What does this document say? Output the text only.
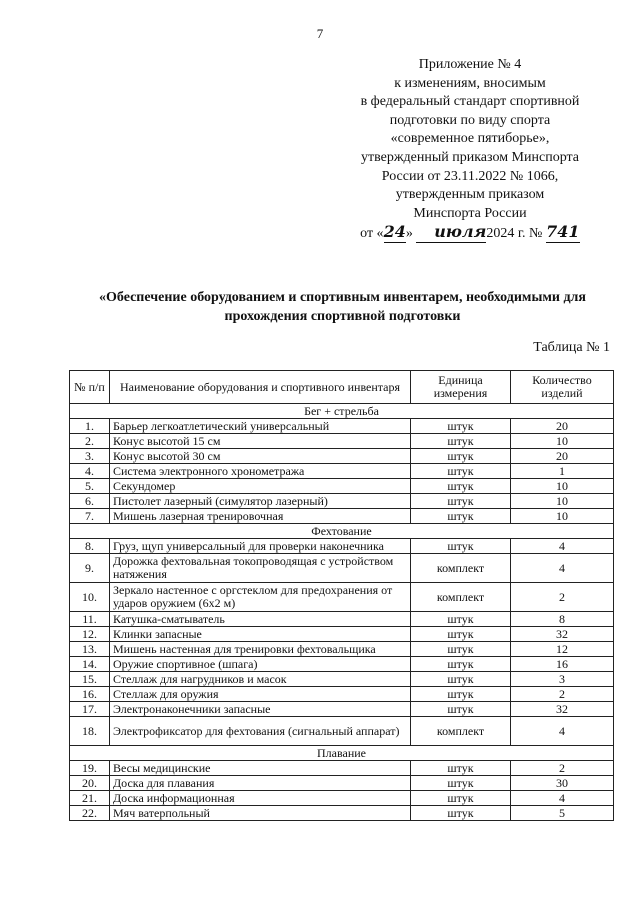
7
Приложение № 4
к изменениям, вносимым
в федеральный стандарт спортивной
подготовки по виду спорта
«современное пятиборье»,
утвержденный приказом Минспорта
России от 23.11.2022 № 1066,
утвержденным приказом
Минспорта России
от «24» июля2024 г. № 741
«Обеспечение оборудованием и спортивным инвентарем, необходимыми для прохождения спортивной подготовки
Таблица № 1
№ п/п	Наименование оборудования и спортивного инвентаря	Единица измерения	Количество изделий
Бег + стрельба			
1.	Барьер легкоатлетический универсальный	штук	20
2.	Конус высотой 15 см	штук	10
3.	Конус высотой 30 см	штук	20
4.	Система электронного хронометража	штук	1
5.	Секундомер	штук	10
6.	Пистолет лазерный (симулятор лазерный)	штук	10
7.	Мишень лазерная тренировочная	штук	10
Фехтование			
8.	Груз, щуп универсальный для проверки наконечника	штук	4
9.	Дорожка фехтовальная токопроводящая с устройством натяжения	комплект	4
10.	Зеркало настенное с оргстеклом для предохранения от ударов оружием (6х2 м)	комплект	2
11.	Катушка-сматыватель	штук	8
12.	Клинки запасные	штук	32
13.	Мишень настенная для тренировки фехтовальщика	штук	12
14.	Оружие спортивное (шпага)	штук	16
15.	Стеллаж для нагрудников и масок	штук	3
16.	Стеллаж для оружия	штук	2
17.	Электронаконечники запасные	штук	32
18.	Электрофиксатор для фехтования (сигнальный аппарат)	комплект	4
Плавание			
19.	Весы медицинские	штук	2
20.	Доска для плавания	штук	30
21.	Доска информационная	штук	4
22.	Мяч ватерпольный	штук	5
